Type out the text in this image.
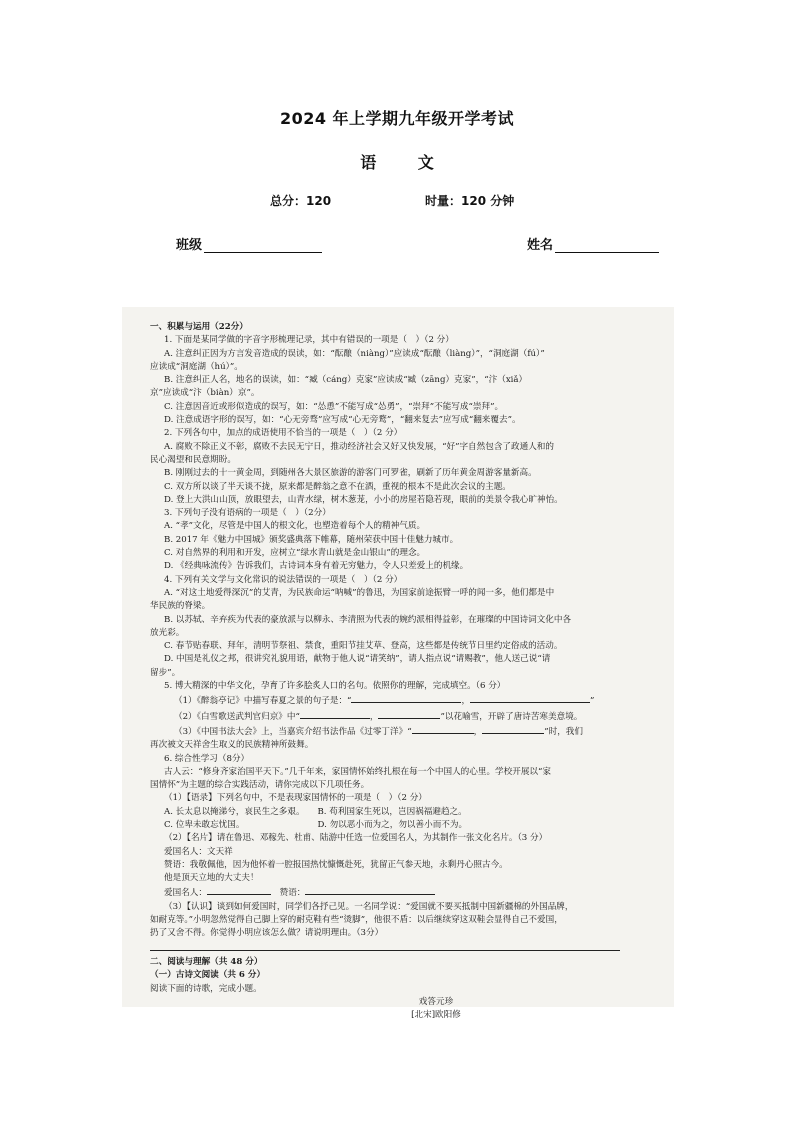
2024 年上学期九年级开学考试
语 文
总分：120	时量：120 分钟
班级	姓名

一、积累与运用（22分）

1. 下面是某同学做的字音字形梳理记录，其中有错误的一项是（　）（2 分）

A. 注意纠正因为方言发音造成的误读，如：“酝酿（niàng）”应读成“酝酿（liàng）”，“洞庭湖（fú）”

应读成“洞庭湖（hú）”。

B. 注意纠正人名，地名的误读，如：“臧（cáng）克家”应读成“臧（zāng）克家”，“汴（xiǎ）

京”应读成“汴（biàn）京”。

C. 注意因音近或形似造成的误写，如：“怂恿”不能写成“怂勇”，“崇拜”不能写成“崇拜”。

D. 注意成语字形的误写，如：“心无旁骛”应写成“心无旁鹜”，“翻来复去”应写成“翻来覆去”。

2. 下列各句中，加点的成语使用不恰当的一项是（　）（2 分）

A. 腐败不除正义不彰，腐败不去民无宁日，推动经济社会又好又快发展，“好”字自然包含了政通人和的

民心渴望和民意期盼。

B. 刚刚过去的十一黄金周，到随州各大景区旅游的游客门可罗雀，刷新了历年黄金周游客量新高。

C. 双方所以谈了半天谈不拢，原来都是醉翁之意不在酒，重视的根本不是此次会议的主题。

D. 登上大洪山山顶，放眼望去，山青水绿，树木葱茏，小小的房屋若隐若现，眼前的美景令我心旷神怡。

3. 下列句子没有语病的一项是（　）（2分）

A. “孝”文化，尽管是中国人的根文化，也塑造着每个人的精神气质。

B. 2017 年《魅力中国城》颁奖盛典落下帷幕，随州荣获中国十佳魅力城市。

C. 对自然界的利用和开发，应树立“绿水青山就是金山银山”的理念。

D. 《经典咏流传》告诉我们，古诗词本身有着无穷魅力，令人只差爱上的机缘。

4. 下列有关文学与文化常识的说法错误的一项是（　）（2 分）

A. “对这土地爱得深沉”的艾青，为民族命运“呐喊”的鲁迅，为国家前途振臂一呼的闻一多，他们都是中

华民族的脊梁。

B. 以苏轼、辛弃疾为代表的豪放派与以柳永、李清照为代表的婉约派相得益彰，在璀璨的中国诗词文化中各

放光彩。

C. 春节贴春联、拜年，清明节祭祖、禁食，重阳节挂艾草、登高，这些都是传统节日里约定俗成的活动。

D. 中国是礼仪之邦，很讲究礼貌用语，献物于他人说“请笑纳”，请人指点说“请赐教”，他人送己说“请

留步”。

5. 博大精深的中华文化，孕育了许多脍炙人口的名句。依照你的理解，完成填空。（6 分）

（1）《醉翁亭记》中描写春夏之景的句子是：“	，	”

（2）《白雪歌送武判官归京》中“	，	”以花喻雪，开辟了唐诗苦寒美意境。

（3）《中国书法大会》上，当嘉宾介绍书法作品《过零丁洋》“	，	”时，我们

再次被文天祥舍生取义的民族精神所鼓舞。

6. 综合性学习（8分）

古人云：“修身齐家治国平天下。”几千年来，家国情怀始终扎根在每一个中国人的心里。学校开展以“家

国情怀”为主题的综合实践活动，请你完成以下几项任务。

（1）【语录】下列名句中，不是表现家国情怀的一项是（　）（2 分）

A. 长太息以掩涕兮，哀民生之多艰。　　B. 苟利国家生死以，岂因祸福避趋之。

C. 位卑未敢忘忧国。　　　　　　　　　D. 勿以恶小而为之，勿以善小而不为。

（2）【名片】请在鲁迅、邓稼先、杜甫、陆游中任选一位爱国名人，为其制作一张文化名片。（3 分）

爱国名人：文天祥

赞语：我敬佩他，因为他怀着一腔报国热忱慷慨赴死，犹留正气参天地，永剩丹心照古今。

他是顶天立地的大丈夫！

爱国名人：　	赞语：

（3）【认识】谈到如何爱国时，同学们各抒己见。一名同学说：“爱国就不要买抵制中国新疆棉的外国品牌，

如耐克等。”小明忽然觉得自己脚上穿的耐克鞋有些“烫脚”，他很不盾：以后继续穿这双鞋会显得自己不爱国，

扔了又舍不得。你觉得小明应该怎么做？请说明理由。（3分）

二、阅读与理解（共 48 分）

（一）古诗文阅读（共 6 分）

阅读下面的诗歌，完成小题。

戏答元珍

[北宋]欧阳修
